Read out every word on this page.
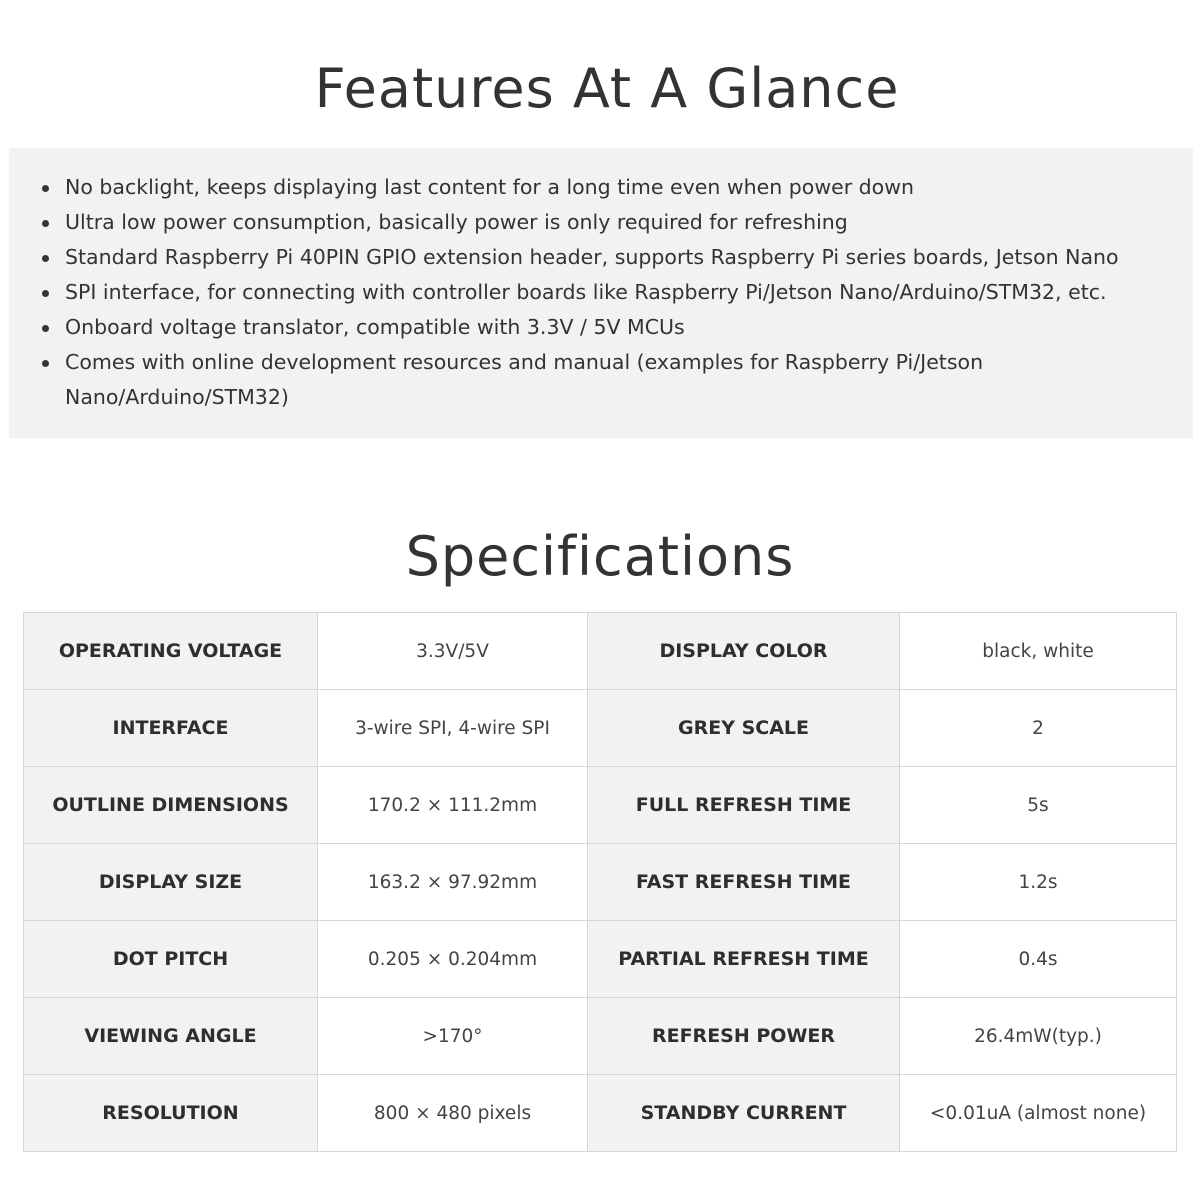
Features At A Glance
No backlight, keeps displaying last content for a long time even when power down
Ultra low power consumption, basically power is only required for refreshing
Standard Raspberry Pi 40PIN GPIO extension header, supports Raspberry Pi series boards, Jetson Nano
SPI interface, for connecting with controller boards like Raspberry Pi/Jetson Nano/Arduino/STM32, etc.
Onboard voltage translator, compatible with 3.3V / 5V MCUs
Comes with online development resources and manual (examples for Raspberry Pi/Jetson Nano/Arduino/STM32)
Specifications
OPERATING VOLTAGE	3.3V/5V	DISPLAY COLOR	black, white
INTERFACE	3-wire SPI, 4-wire SPI	GREY SCALE	2
OUTLINE DIMENSIONS	170.2 × 111.2mm	FULL REFRESH TIME	5s
DISPLAY SIZE	163.2 × 97.92mm	FAST REFRESH TIME	1.2s
DOT PITCH	0.205 × 0.204mm	PARTIAL REFRESH TIME	0.4s
VIEWING ANGLE	>170°	REFRESH POWER	26.4mW(typ.)
RESOLUTION	800 × 480 pixels	STANDBY CURRENT	<0.01uA (almost none)
